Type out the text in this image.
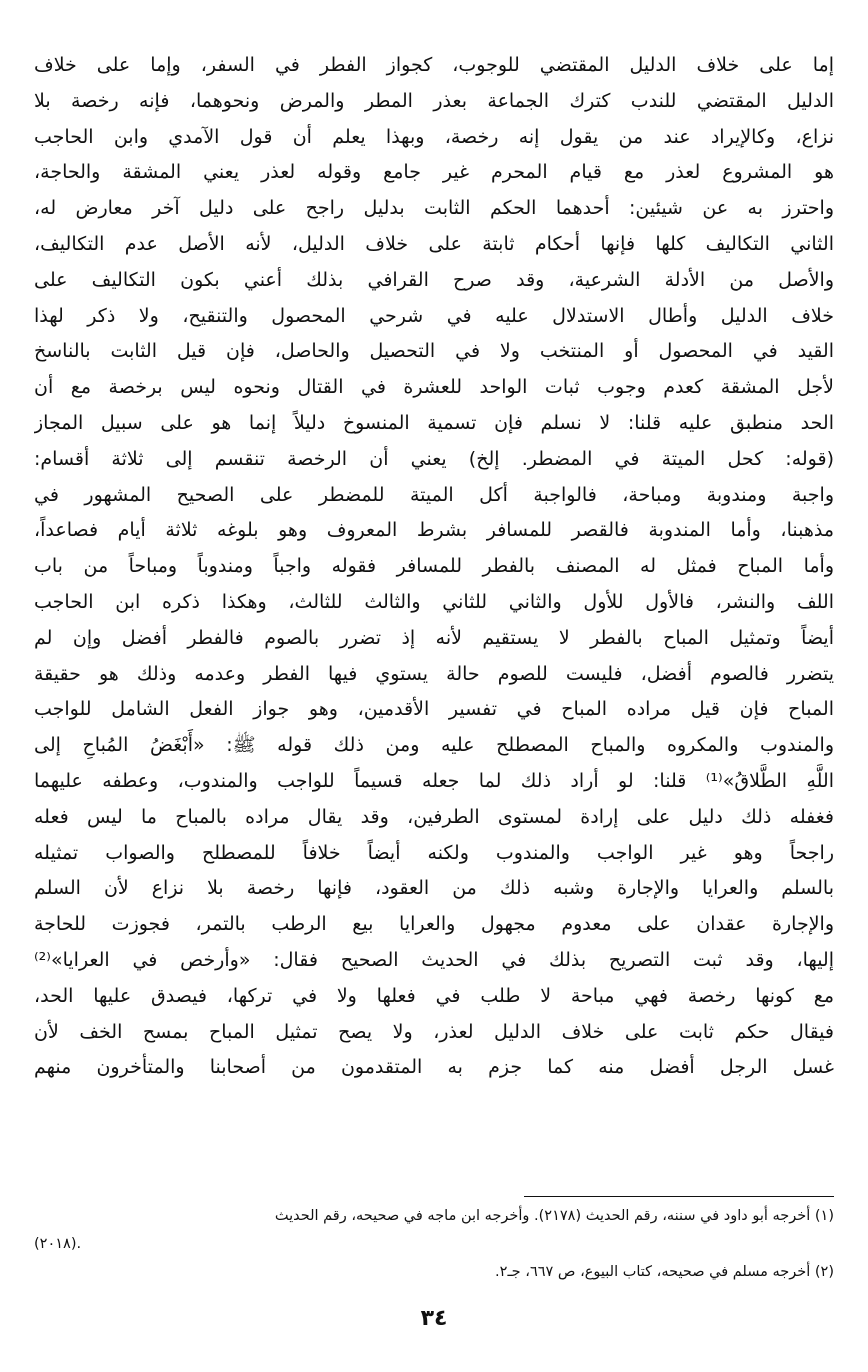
إما على خلاف الدليل المقتضي للوجوب، كجواز الفطر في السفر، وإما على خلاف
الدليل المقتضي للندب كترك الجماعة بعذر المطر والمرض ونحوهما، فإنه رخصة بلا
نزاع، وكالإيراد عند من يقول إنه رخصة، وبهذا يعلم أن قول الآمدي وابن الحاجب
هو المشروع لعذر مع قيام المحرم غير جامع وقوله لعذر يعني المشقة والحاجة،
واحترز به عن شيئين: أحدهما الحكم الثابت بدليل راجح على دليل آخر معارض له،
الثاني التكاليف كلها فإنها أحكام ثابتة على خلاف الدليل، لأنه الأصل عدم التكاليف،
والأصل من الأدلة الشرعية، وقد صرح القرافي بذلك أعني بكون التكاليف على
خلاف الدليل وأطال الاستدلال عليه في شرحي المحصول والتنقيح، ولا ذكر لهذا
القيد في المحصول أو المنتخب ولا في التحصيل والحاصل، فإن قيل الثابت بالناسخ
لأجل المشقة كعدم وجوب ثبات الواحد للعشرة في القتال ونحوه ليس برخصة مع أن
الحد منطبق عليه قلنا: لا نسلم فإن تسمية المنسوخ دليلاً إنما هو على سبيل المجاز
(قوله: كحل الميتة في المضطر. إلخ) يعني أن الرخصة تنقسم إلى ثلاثة أقسام:
واجبة ومندوبة ومباحة، فالواجبة أكل الميتة للمضطر على الصحيح المشهور في
مذهبنا، وأما المندوبة فالقصر للمسافر بشرط المعروف وهو بلوغه ثلاثة أيام فصاعداً،
وأما المباح فمثل له المصنف بالفطر للمسافر فقوله واجباً ومندوباً ومباحاً من باب
اللف والنشر، فالأول للأول والثاني للثاني والثالث للثالث، وهكذا ذكره ابن الحاجب
أيضاً وتمثيل المباح بالفطر لا يستقيم لأنه إذ تضرر بالصوم فالفطر أفضل وإن لم
يتضرر فالصوم أفضل، فليست للصوم حالة يستوي فيها الفطر وعدمه وذلك هو حقيقة
المباح فإن قيل مراده المباح في تفسير الأقدمين، وهو جواز الفعل الشامل للواجب
والمندوب والمكروه والمباح المصطلح عليه ومن ذلك قوله ﷺ: «أَبْغَضُ المُباحِ إلى
اللَّهِ الطَّلاقُ»⁽¹⁾ قلنا: لو أراد ذلك لما جعله قسيماً للواجب والمندوب، وعطفه عليهما
فغفله ذلك دليل على إرادة لمستوى الطرفين، وقد يقال مراده بالمباح ما ليس فعله
راجحاً وهو غير الواجب والمندوب ولكنه أيضاً خلافاً للمصطلح والصواب تمثيله
بالسلم والعرايا والإجارة وشبه ذلك من العقود، فإنها رخصة بلا نزاع لأن السلم
والإجارة عقدان على معدوم مجهول والعرايا بيع الرطب بالتمر، فجوزت للحاجة
إليها، وقد ثبت التصريح بذلك في الحديث الصحيح فقال: «وأرخص في العرايا»⁽²⁾
مع كونها رخصة فهي مباحة لا طلب في فعلها ولا في تركها، فيصدق عليها الحد،
فيقال حكم ثابت على خلاف الدليل لعذر، ولا يصح تمثيل المباح بمسح الخف لأن
غسل الرجل أفضل منه كما جزم به المتقدمون من أصحابنا والمتأخرون منهم
(١) أخرجه أبو داود في سننه، رقم الحديث (٢١٧٨). وأخرجه ابن ماجه في صحيحه، رقم الحديث
(٢٠١٨).
(٢) أخرجه مسلم في صحيحه، كتاب البيوع، ص ٦٦٧، جـ٢.
٣٤
